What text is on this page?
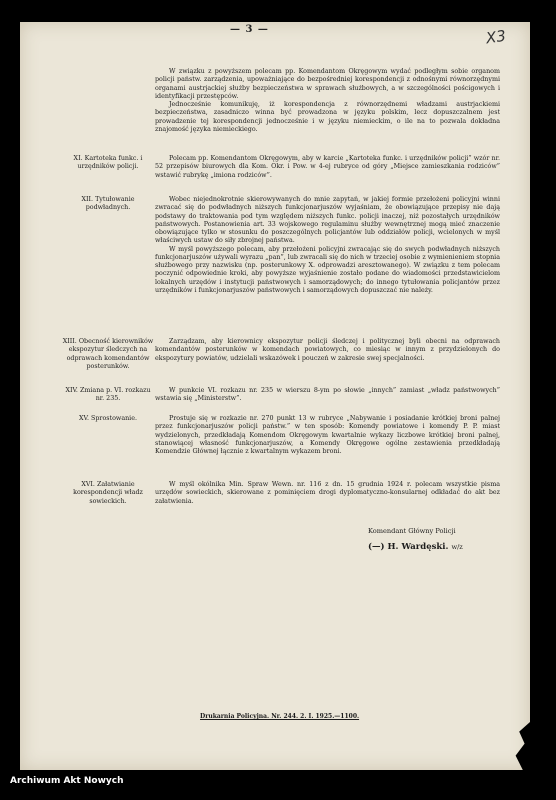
— 3 —	X3

W związku z powyższem polecam pp. Komendantom Okręgowym wydać podległym sobie organom policji państw. zarządzenia, upoważniające do bezpośredniej korespondencji z odnośnymi równorzędnymi organami austrjackiej służby bezpieczeństwa w sprawach służbowych, a w szczególności pościgowych i identyfikacji przestępców.

Jednocześnie komunikuję, iż korespondencja z równorzędnemi władzami austrjackiemi bezpieczeństwa, zasadniczo winna być prowadzona w języku polskim, lecz dopuszczalnem jest prowadzenie tej korespondencji jednocześnie i w języku niemieckim, o ile na to pozwala dokładna znajomość języka niemieckiego.

XI. Kartoteka funkc. i urzędników policji.

Polecam pp. Komendantom Okręgowym, aby w karcie „Kartoteka funkc. i urzędników policji” wzór nr. 52 przepisów biurowych dla Kom. Okr. i Pow. w 4-ej rubryce od góry „Miejsce zamieszkania rodziców” wstawić rubrykę „imiona rodziców”.

XII. Tytułowanie podwładnych.

Wobec niejednokrotnie skierowywanych do mnie zapytań, w jakiej formie przełożeni policyjni winni zwracać się do podwładnych niższych funkcjonarjuszów wyjaśniam, że obowiązujące przepisy nie dają podstawy do traktowania pod tym względem niższych funkc. policji inaczej, niż pozostałych urzędników państwowych. Postanowienia art. 33 wojskowego regulaminu służby wewnętrznej mogą mieć znaczenie obowiązujące tylko w stosunku do poszczególnych policjantów lub oddziałów policji, wcielonych w myśl właściwych ustaw do siły zbrojnej państwa.

W myśl powyższego polecam, aby przełożeni policyjni zwracając się do swych podwładnych niższych funkcjonarjuszów używali wyrazu „pan”, lub zwracali się do nich w trzeciej osobie z wymienieniem stopnia służbowego przy nazwisku (np. posterunkowy X. odprowadzi aresztowanego). W związku z tem polecam poczynić odpowiednie kroki, aby powyższe wyjaśnienie zostało podane do wiadomości przedstawicielom lokalnych urzędów i instytucji państwowych i samorządowych; do innego tytułowania policjantów przez urzędników i funkcjonarjuszów państwowych i samorządowych dopuszczać nie należy.

XIII. Obecność kierowników ekspozytur śledczych na odprawach komendantów posterunków.

Zarządzam, aby kierownicy ekspozytur policji śledczej i politycznej byli obecni na odprawach komendantów posterunków w komendach powiatowych, co miesiąc w innym z przydzielonych do ekspozytury powiatów, udzielali wskazówek i pouczeń w zakresie swej specjalności.

XIV. Zmiana p. VI. rozkazu nr. 235.

W punkcie VI. rozkazu nr. 235 w wierszu 8-ym po słowie „innych” zamiast „władz państwowych” wstawia się „Ministerstw”.

XV. Sprostowanie.	Prostuje się w rozkazie nr. 270 punkt 13 w rubryce „Nabywanie i posiadanie krótkiej broni palnej przez funkcjonarjuszów policji państw.” w ten sposób: Komendy powiatowe i komendy P. P. miast wydzielonych, przedkładają Komendom Okręgowym kwartalnie wykazy liczbowe krótkiej broni palnej, stanowiącej własność funkcjonarjuszów, a Komendy Okręgowe ogólne zestawienia przedkładają Komendzie Głównej łącznie z kwartalnym wykazem broni.

XVI. Załatwianie korespondencji władz sowieckich.

W myśl okólnika Min. Spraw Wewn. nr. 116 z dn. 15 grudnia 1924 r. polecam wszystkie pisma urzędów sowieckich, skierowane z pominięciem drogi dyplomatyczno-konsularnej odkładać do akt bez załatwienia.

Komendant Główny Policji
(—) H. Wardęski. w/z
Drukarnia Policyjna. Nr. 244. 2. I. 1925.—1100.
Archiwum Akt Nowych
